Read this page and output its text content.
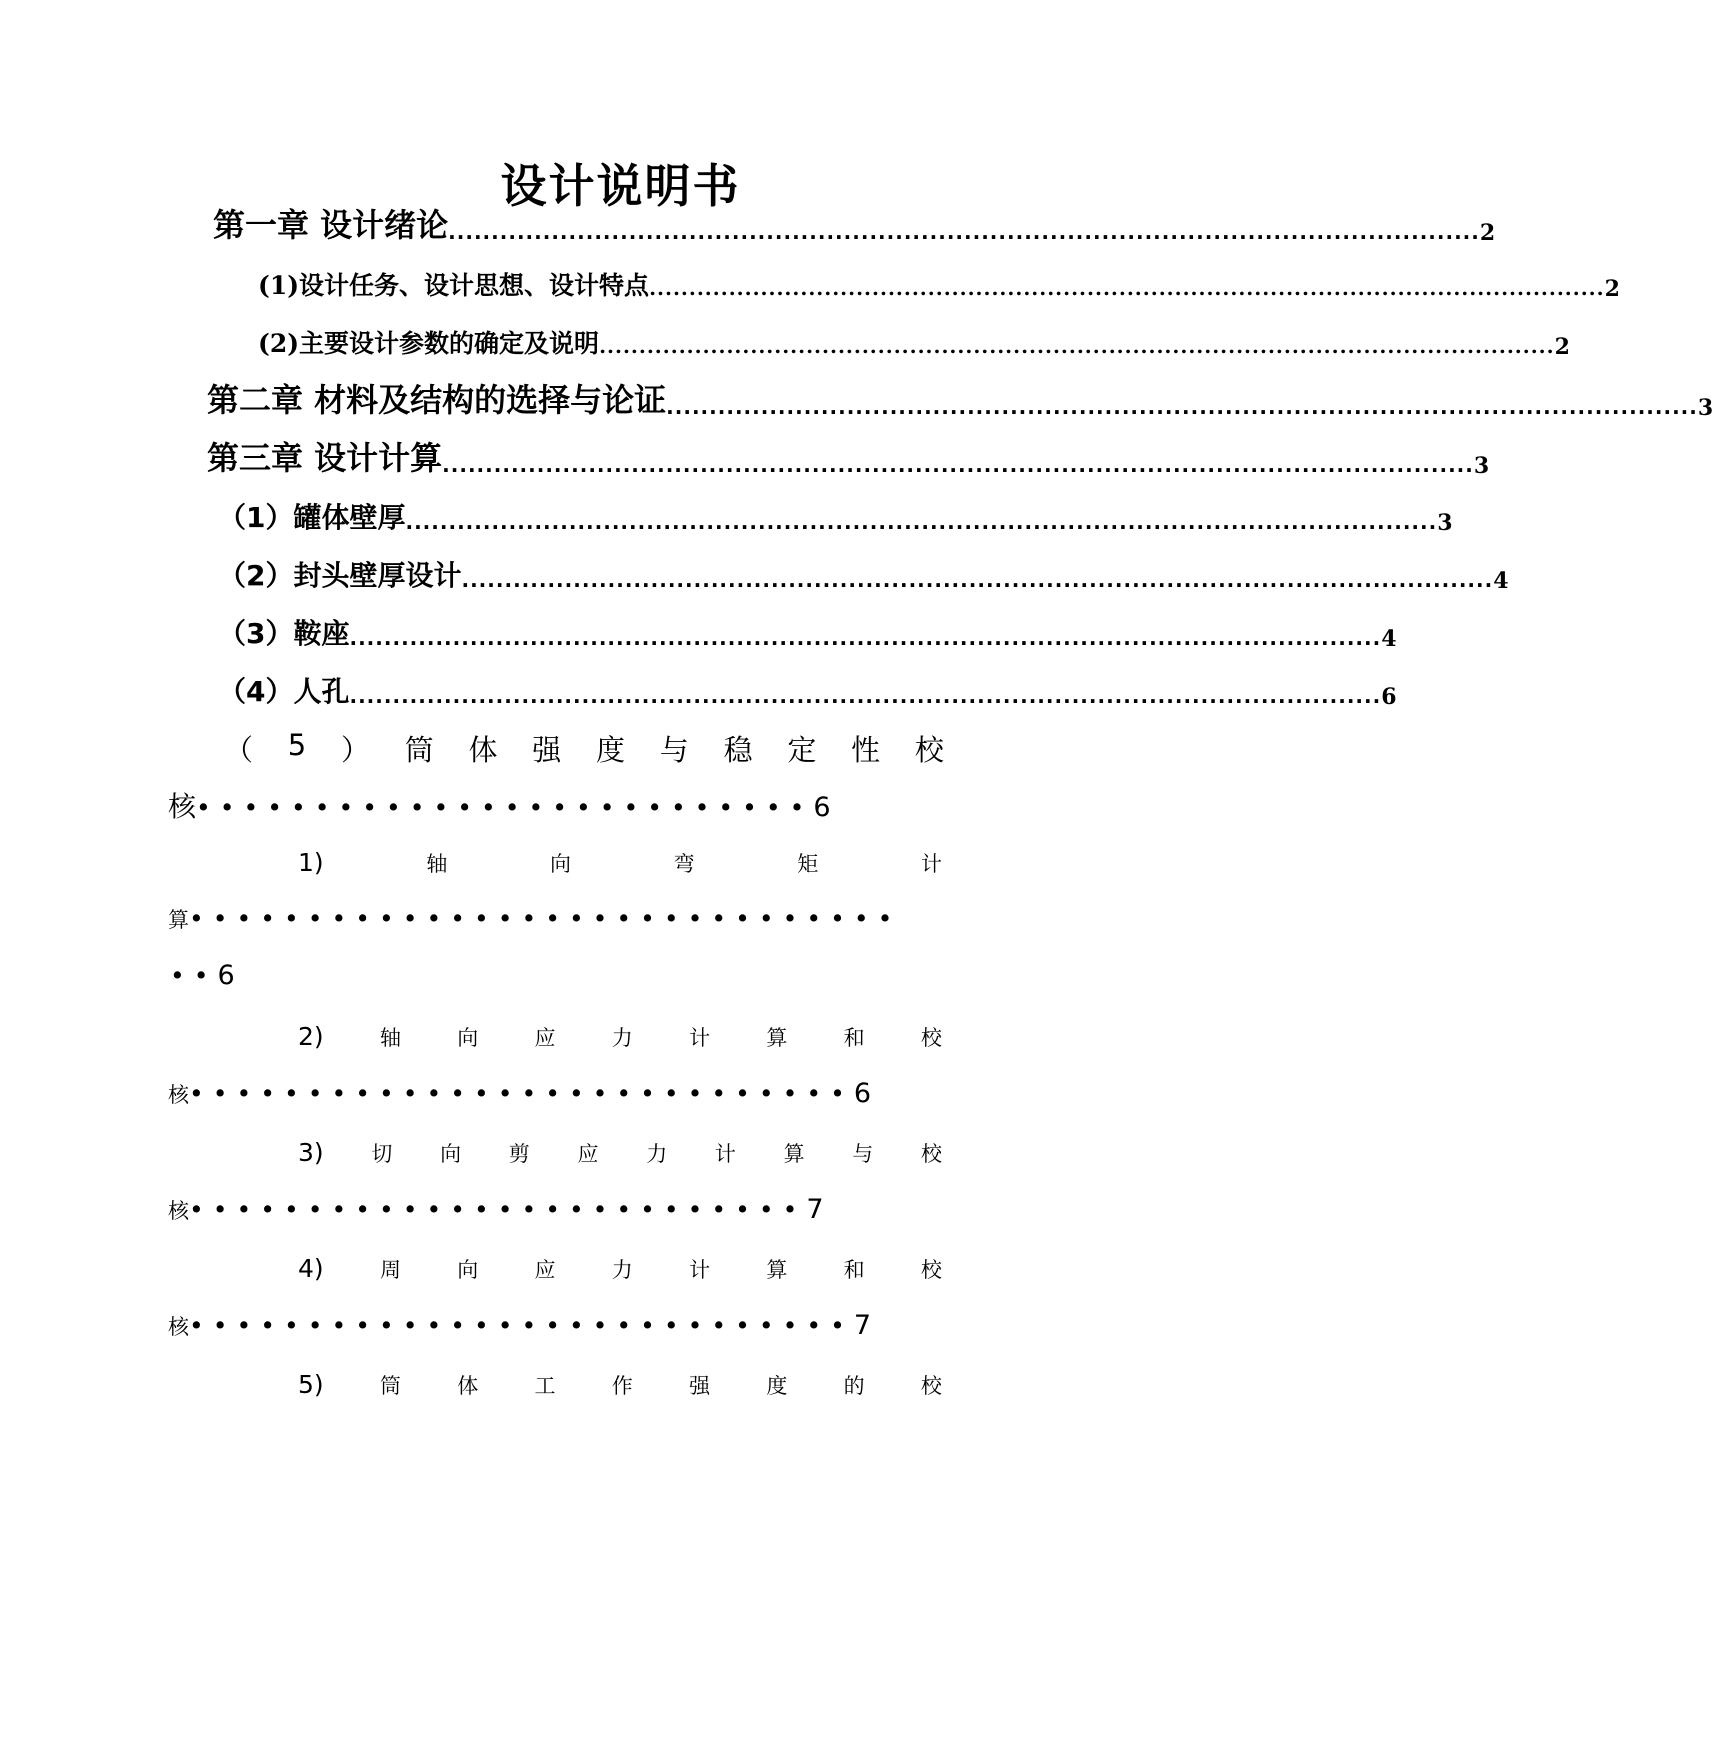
设计说明书
第一章 设计绪论 ........................................................................................................................ 2
(1)设计任务、设计思想、设计特点 ........................................................................................................................ 2
(2)主要设计参数的确定及说明 ........................................................................................................................ 2
第二章 材料及结构的选择与论证 ........................................................................................................................ 3
第三章 设计计算 ........................................................................................................................ 3
（1）罐体壁厚 ........................................................................................................................ 3
（2）封头壁厚设计 ........................................................................................................................ 4
（3）鞍座 ........................................................................................................................ 4
（4）人孔 ........................................................................................................................ 6
（ 5 ） 筒 体 强 度 与 稳 定 性 校
核••••••••••••••••••••••••••6
1)	轴	向	弯	矩	计
算••••••••••••••••••••••••••••••
••6
2)	轴	向	应	力	计	算	和	校
核••••••••••••••••••••••••••••6
3) 切 向 剪 应 力 计 算 与 校
核••••••••••••••••••••••••••7
4)	周	向	应	力	计	算	和	校
核••••••••••••••••••••••••••••7
5)	筒	体	工	作	强	度	的	校
